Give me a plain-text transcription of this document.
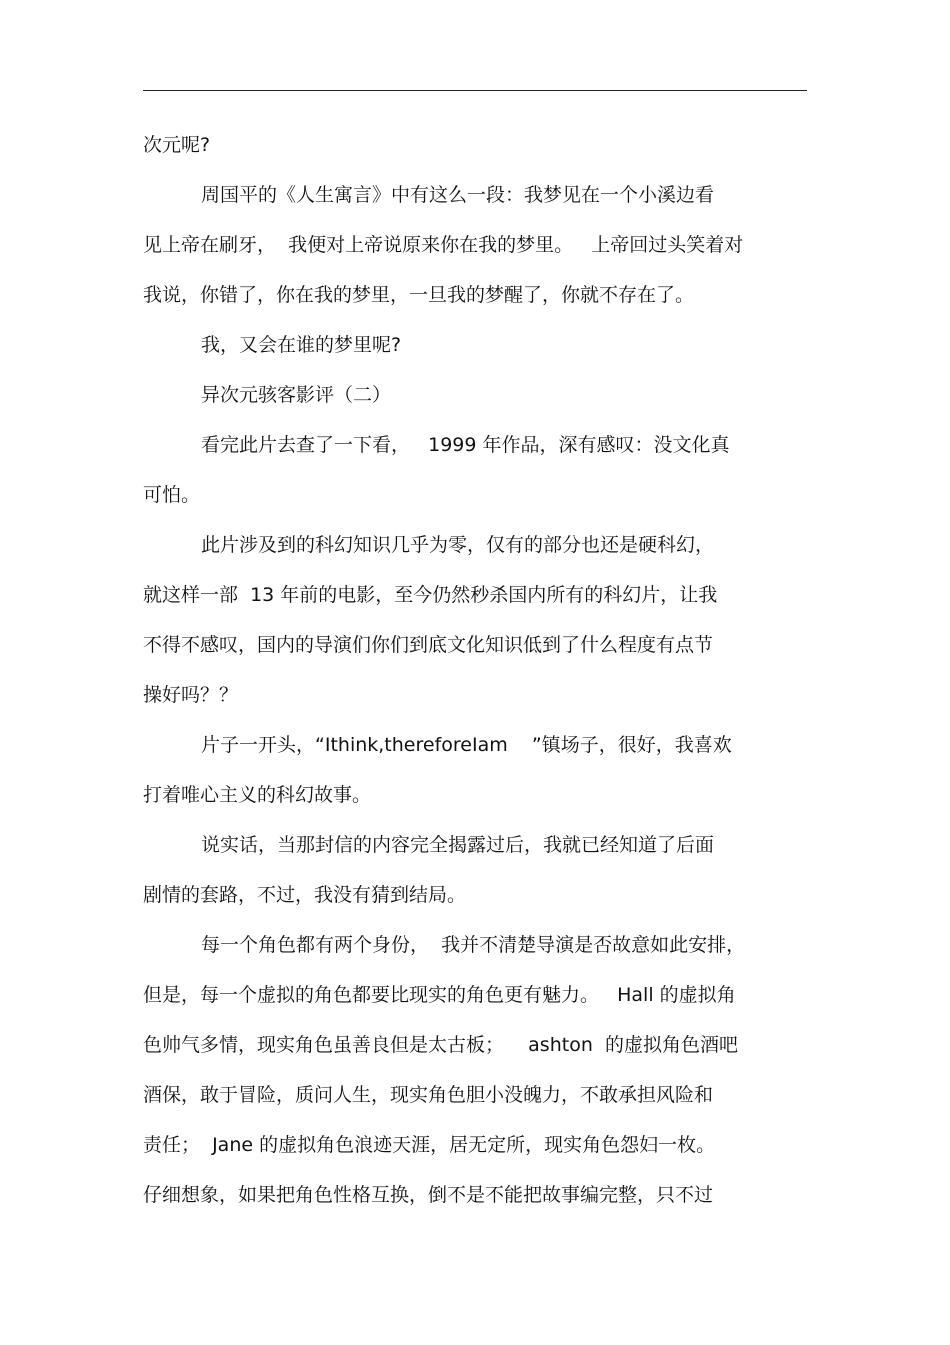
次元呢?

周国平的《人生寓言》中有这么一段：我梦见在一个小溪边看

见上帝在刷牙，  我便对上帝说原来你在我的梦里。   上帝回过头笑着对

我说，你错了，你在我的梦里，一旦我的梦醒了，你就不存在了。

我，又会在谁的梦里呢?

异次元骇客影评（二）

看完此片去查了一下看，   1999 年作品，深有感叹：没文化真

可怕。

此片涉及到的科幻知识几乎为零，仅有的部分也还是硬科幻，

就这样一部  13 年前的电影，至今仍然秒杀国内所有的科幻片，让我

不得不感叹，国内的导演们你们到底文化知识低到了什么程度有点节

操好吗？？

片子一开头，“Ithink,thereforeIam    ”镇场子，很好，我喜欢

打着唯心主义的科幻故事。

说实话，当那封信的内容完全揭露过后，我就已经知道了后面

剧情的套路，不过，我没有猜到结局。

每一个角色都有两个身份，  我并不清楚导演是否故意如此安排，

但是，每一个虚拟的角色都要比现实的角色更有魅力。   Hall 的虚拟角

色帅气多情，现实角色虽善良但是太古板；    ashton  的虚拟角色酒吧

酒保，敢于冒险，质问人生，现实角色胆小没魄力，不敢承担风险和

责任；  Jane 的虚拟角色浪迹天涯，居无定所，现实角色怨妇一枚。

仔细想象，如果把角色性格互换，倒不是不能把故事编完整，只不过
